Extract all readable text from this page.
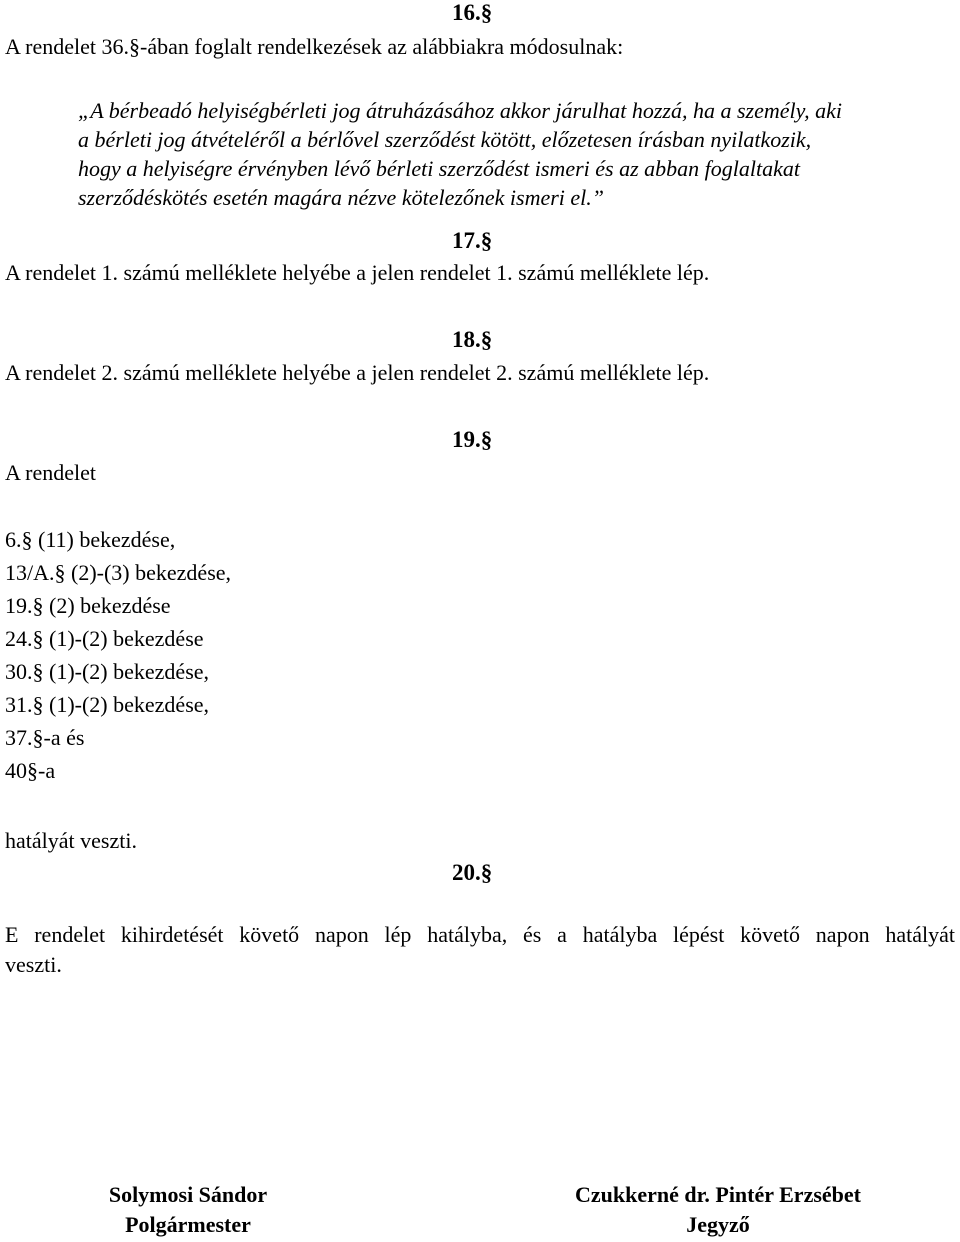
16.§
A rendelet 36.§-ában foglalt rendelkezések az alábbiakra módosulnak:
„A bérbeadó helyiségbérleti jog átruházásához akkor járulhat hozzá, ha a személy, aki
a bérleti jog átvételéről a bérlővel szerződést kötött, előzetesen írásban nyilatkozik,
hogy a helyiségre érvényben lévő bérleti szerződést ismeri és az abban foglaltakat
szerződéskötés esetén magára nézve kötelezőnek ismeri el.”
17.§
A rendelet 1. számú melléklete helyébe a jelen rendelet 1. számú melléklete lép.
18.§
A rendelet 2. számú melléklete helyébe a jelen rendelet 2. számú melléklete lép.
19.§
A rendelet
6.§ (11) bekezdése,
13/A.§ (2)-(3) bekezdése,
19.§ (2) bekezdése
24.§ (1)-(2) bekezdése
30.§ (1)-(2) bekezdése,
31.§ (1)-(2) bekezdése,
37.§-a és
40§-a
hatályát veszti.
20.§
E rendelet kihirdetését követő napon lép hatályba, és a hatályba lépést követő napon hatályát
veszti.
Solymosi Sándor
Polgármester
Czukkerné dr. Pintér Erzsébet
Jegyző
